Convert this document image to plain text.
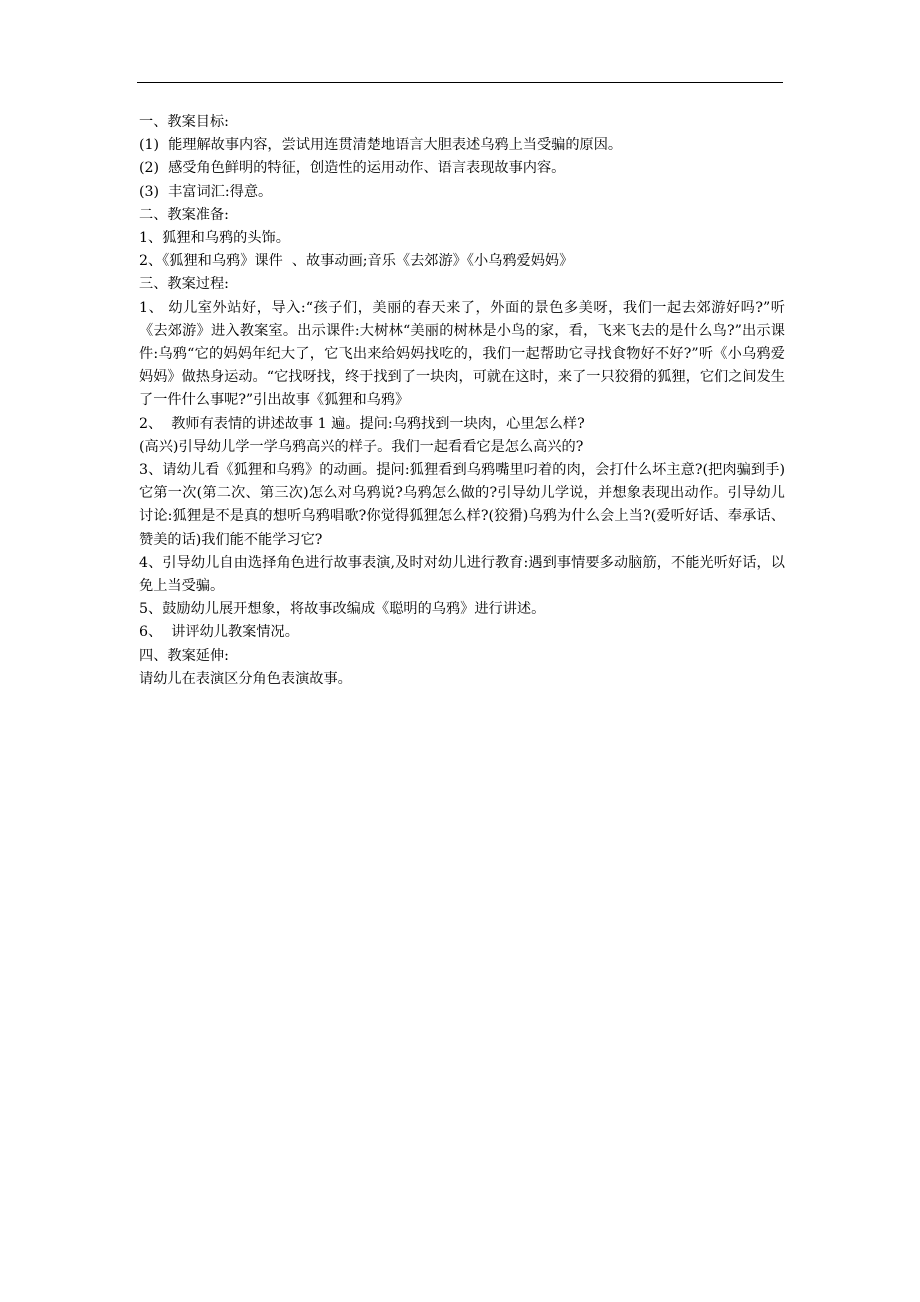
一、教案目标:

(1)  能理解故事内容，尝试用连贯清楚地语言大胆表述乌鸦上当受骗的原因。

(2)  感受角色鲜明的特征，创造性的运用动作、语言表现故事内容。

(3)  丰富词汇:得意。

二、教案准备:

1、狐狸和乌鸦的头饰。

2、《狐狸和乌鸦》课件  、故事动画;音乐《去郊游》《小乌鸦爱妈妈》

三、教案过程:

1、 幼儿室外站好，导入:“孩子们，美丽的春天来了，外面的景色多美呀，我们一起去郊游好吗?”听《去郊游》进入教案室。出示课件:大树林“美丽的树林是小鸟的家，看，飞来飞去的是什么鸟?”出示课件:乌鸦“它的妈妈年纪大了，它飞出来给妈妈找吃的，我们一起帮助它寻找食物好不好?”听《小乌鸦爱妈妈》做热身运动。“它找呀找，终于找到了一块肉，可就在这时，来了一只狡猾的狐狸，它们之间发生了一件什么事呢?”引出故事《狐狸和乌鸦》

2、  教师有表情的讲述故事 1 遍。提问:乌鸦找到一块肉，心里怎么样?

(高兴)引导幼儿学一学乌鸦高兴的样子。我们一起看看它是怎么高兴的?

3、请幼儿看《狐狸和乌鸦》的动画。提问:狐狸看到乌鸦嘴里叼着的肉，会打什么坏主意?(把肉骗到手)它第一次(第二次、第三次)怎么对乌鸦说?乌鸦怎么做的?引导幼儿学说，并想象表现出动作。引导幼儿讨论:狐狸是不是真的想听乌鸦唱歌?你觉得狐狸怎么样?(狡猾)乌鸦为什么会上当?(爱听好话、奉承话、赞美的话)我们能不能学习它?

4、引导幼儿自由选择角色进行故事表演,及时对幼儿进行教育:遇到事情要多动脑筋，不能光听好话，以免上当受骗。

5、鼓励幼儿展开想象，将故事改编成《聪明的乌鸦》进行讲述。

6、  讲评幼儿教案情况。

四、教案延伸:

请幼儿在表演区分角色表演故事。
